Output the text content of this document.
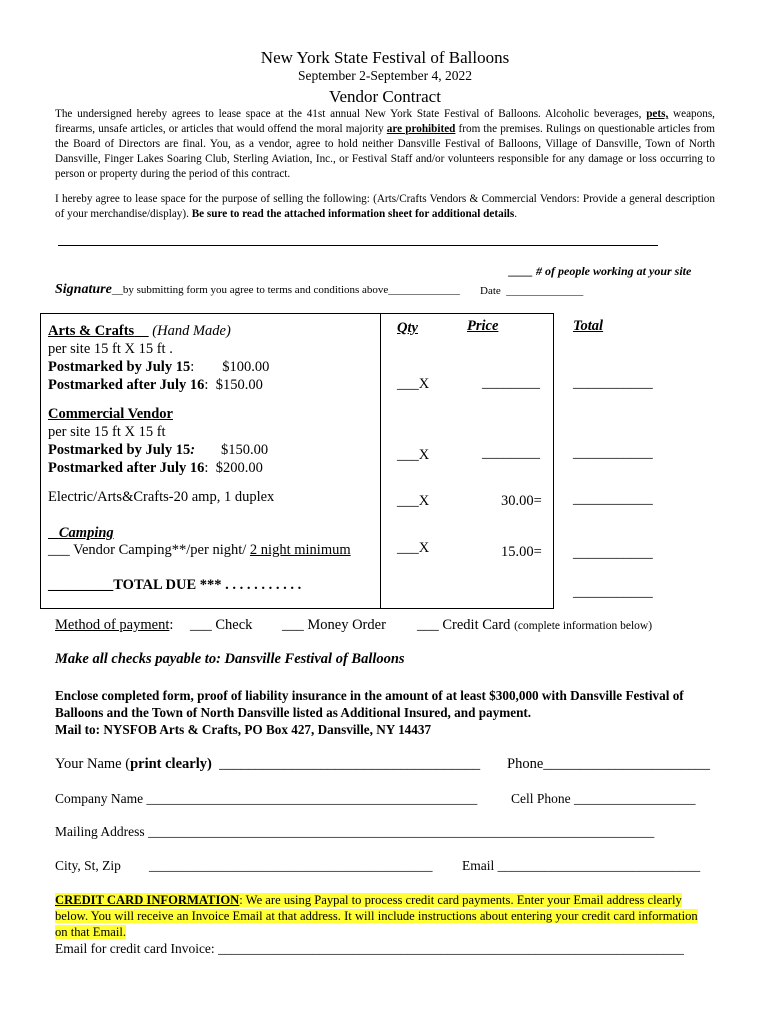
New York State Festival of Balloons
September 2-September 4, 2022
Vendor Contract
The undersigned hereby agrees to lease space at the 41st annual New York State Festival of Balloons. Alcoholic beverages, pets, weapons, firearms, unsafe articles, or articles that would offend the moral majority are prohibited from the premises. Rulings on questionable articles from the Board of Directors are final. You, as a vendor, agree to hold neither Dansville Festival of Balloons, Village of Dansville, Town of North Dansville, Finger Lakes Soaring Club, Sterling Aviation, Inc., or Festival Staff and/or volunteers responsible for any damage or loss occurring to person or property during the period of this contract.
I hereby agree to lease space for the purpose of selling the following: (Arts/Crafts Vendors & Commercial Vendors: Provide a general description of your merchandise/display). Be sure to read the attached information sheet for additional details.
____ # of people working at your site
Signature__by submitting form you agree to terms and conditions above_____________ Date ______________
Qty	Price	Total
Arts & Crafts (Hand Made)
per site 15 ft X 15 ft .
Postmarked by July 15: $100.00
Postmarked after July 16:  $150.00	___X	________ ___________
Commercial Vendor
per site 15 ft X 15 ft
Postmarked by July 15: $150.00
Postmarked after July 16:  $200.00
___X	________ ___________
Electric/Arts&Crafts-20 amp, 1 duplex	___X	30.00= ___________
Camping
___ Vendor Camping**/per night/ 2 night minimum	___X	15.00= ___________
_________TOTAL DUE *** . . . . . . . . . . .	___________
Method of payment: ___ Check ___ Money Order ___ Credit Card (complete information below)
Make all checks payable to: Dansville Festival of Balloons
Enclose completed form, proof of liability insurance in the amount of at least $300,000 with Dansville Festival of
Balloons and the Town of North Dansville listed as Additional Insured, and payment.
Mail to: NYSFOB Arts & Crafts, PO Box 427, Dansville, NY 14437
Your Name (print clearly)  ____________________________________ Phone_______________________
Company Name _________________________________________________	Cell Phone __________________
Mailing Address ___________________________________________________________________________
City, St, Zip __________________________________________ Email ______________________________
CREDIT CARD INFORMATION: We are using Paypal to process credit card payments. Enter your Email address clearly below. You will receive an Invoice Email at that address. It will include instructions about entering your credit card information on that Email.
Email for credit card Invoice: _____________________________________________________________________
